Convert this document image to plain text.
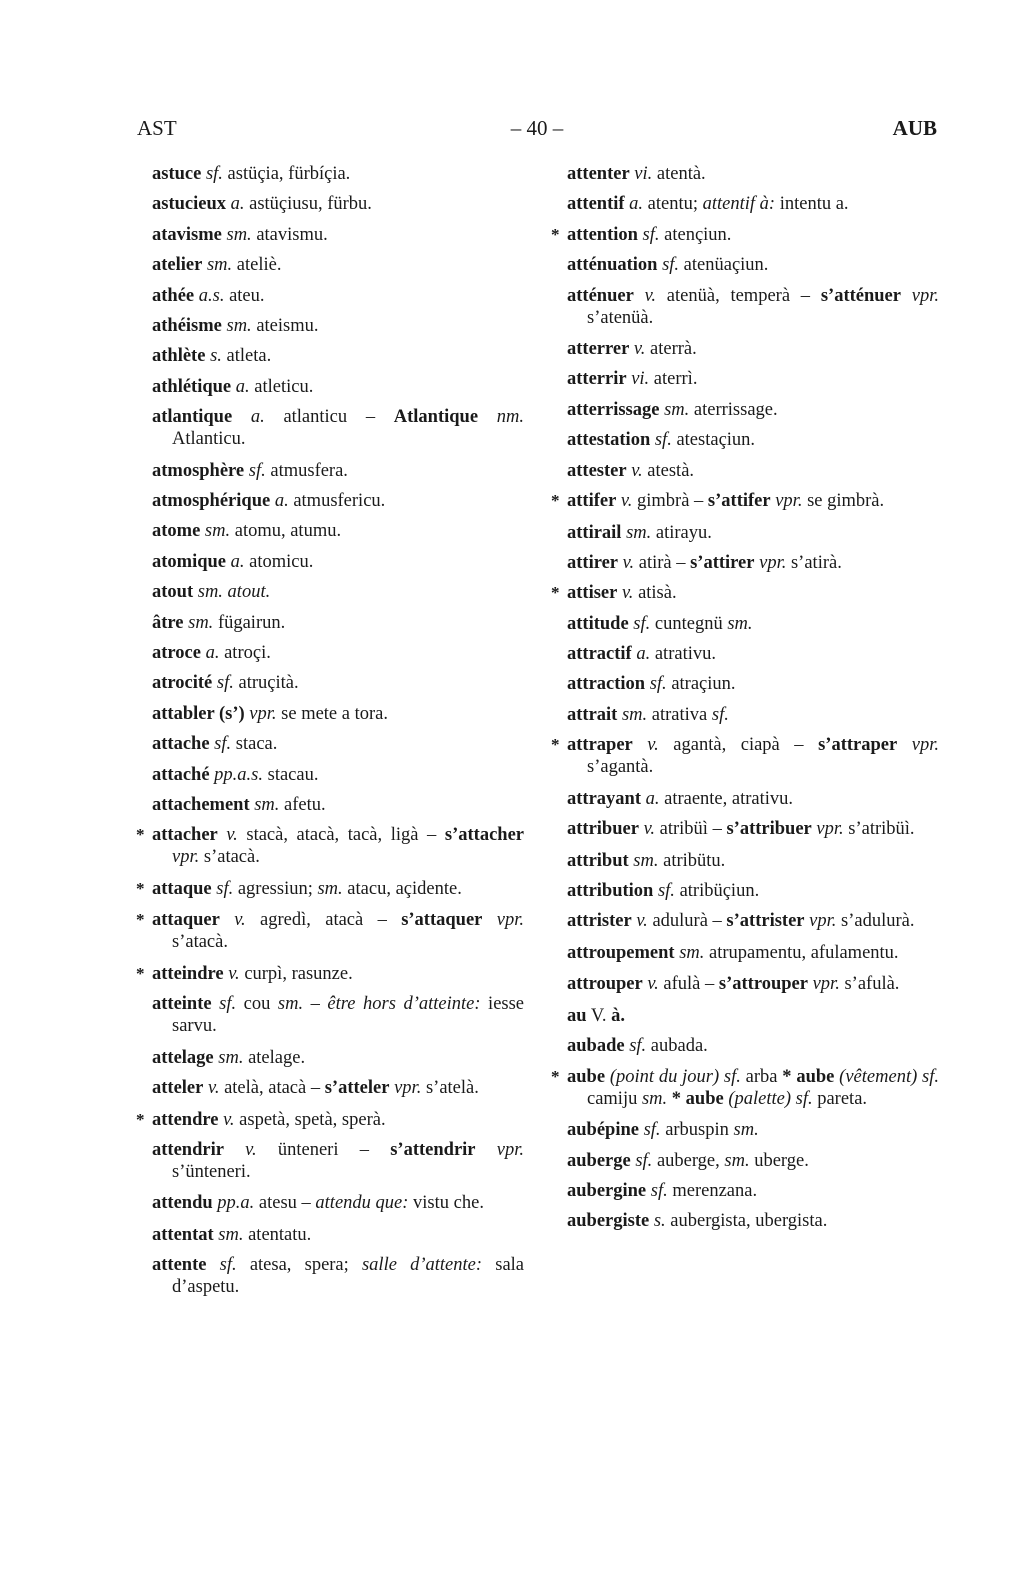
AST	– 40 –	AUB
astuce sf. astüçia, fürbíçia.
astucieux a. astüçiusu, fürbu.
atavisme sm. atavismu.
atelier sm. ateliè.
athée a.s. ateu.
athéisme sm. ateismu.
athlète s. atleta.
athlétique a. atleticu.
atlantique a. atlanticu – Atlantique nm. Atlanticu.
atmosphère sf. atmusfera.
atmosphérique a. atmusfericu.
atome sm. atomu, atumu.
atomique a. atomicu.
atout sm. atout.
âtre sm. fügairun.
atroce a. atroçi.
atrocité sf. atruçità.
attabler (s’) vpr. se mete a tora.
attache sf. staca.
attaché pp.a.s. stacau.
attachement sm. afetu.
* attacher v. stacà, atacà, tacà, ligà – s’attacher vpr. s’atacà.
* attaque sf. agressiun; sm. atacu, açidente.
* attaquer v. agredì, atacà – s’attaquer vpr. s’atacà.
* atteindre v. curpì, rasunze.
atteinte sf. cou sm. – être hors d’atteinte: iesse sarvu.
attelage sm. atelage.
atteler v. atelà, atacà – s’atteler vpr. s’atelà.
* attendre v. aspetà, spetà, sperà.
attendrir v. ünteneri – s’attendrir vpr. s’ünteneri.
attendu pp.a. atesu – attendu que: vistu che.
attentat sm. atentatu.
attente sf. atesa, spera; salle d’attente: sala d’aspetu.
attenter vi. atentà.
attentif a. atentu; attentif à: intentu a.
* attention sf. atençiun.
atténuation sf. atenüaçiun.
atténuer v. atenüà, temperà – s’atténuer vpr. s’atenüà.
atterrer v. aterrà.
atterrir vi. aterrì.
atterrissage sm. aterrissage.
attestation sf. atestaçiun.
attester v. atestà.
* attifer v. gimbrà – s’attifer vpr. se gimbrà.
attirail sm. atirayu.
attirer v. atirà – s’attirer vpr. s’atirà.
* attiser v. atisà.
attitude sf. cuntegnü sm.
attractif a. atrativu.
attraction sf. atraçiun.
attrait sm. atrativa sf.
* attraper v. agantà, ciapà – s’attraper vpr. s’agantà.
attrayant a. atraente, atrativu.
attribuer v. atribüì – s’attribuer vpr. s’atribüì.
attribut sm. atribütu.
attribution sf. atribüçiun.
attrister v. adulurà – s’attrister vpr. s’adulurà.
attroupement sm. atrupamentu, afulamentu.
attrouper v. afulà – s’attrouper vpr. s’afulà.
au V. à.
aubade sf. aubada.
* aube (point du jour) sf. arba * aube (vêtement) sf. camiju sm. * aube (palette) sf. pareta.
aubépine sf. arbuspin sm.
auberge sf. auberge, sm. uberge.
aubergine sf. merenzana.
aubergiste s. aubergista, ubergista.
